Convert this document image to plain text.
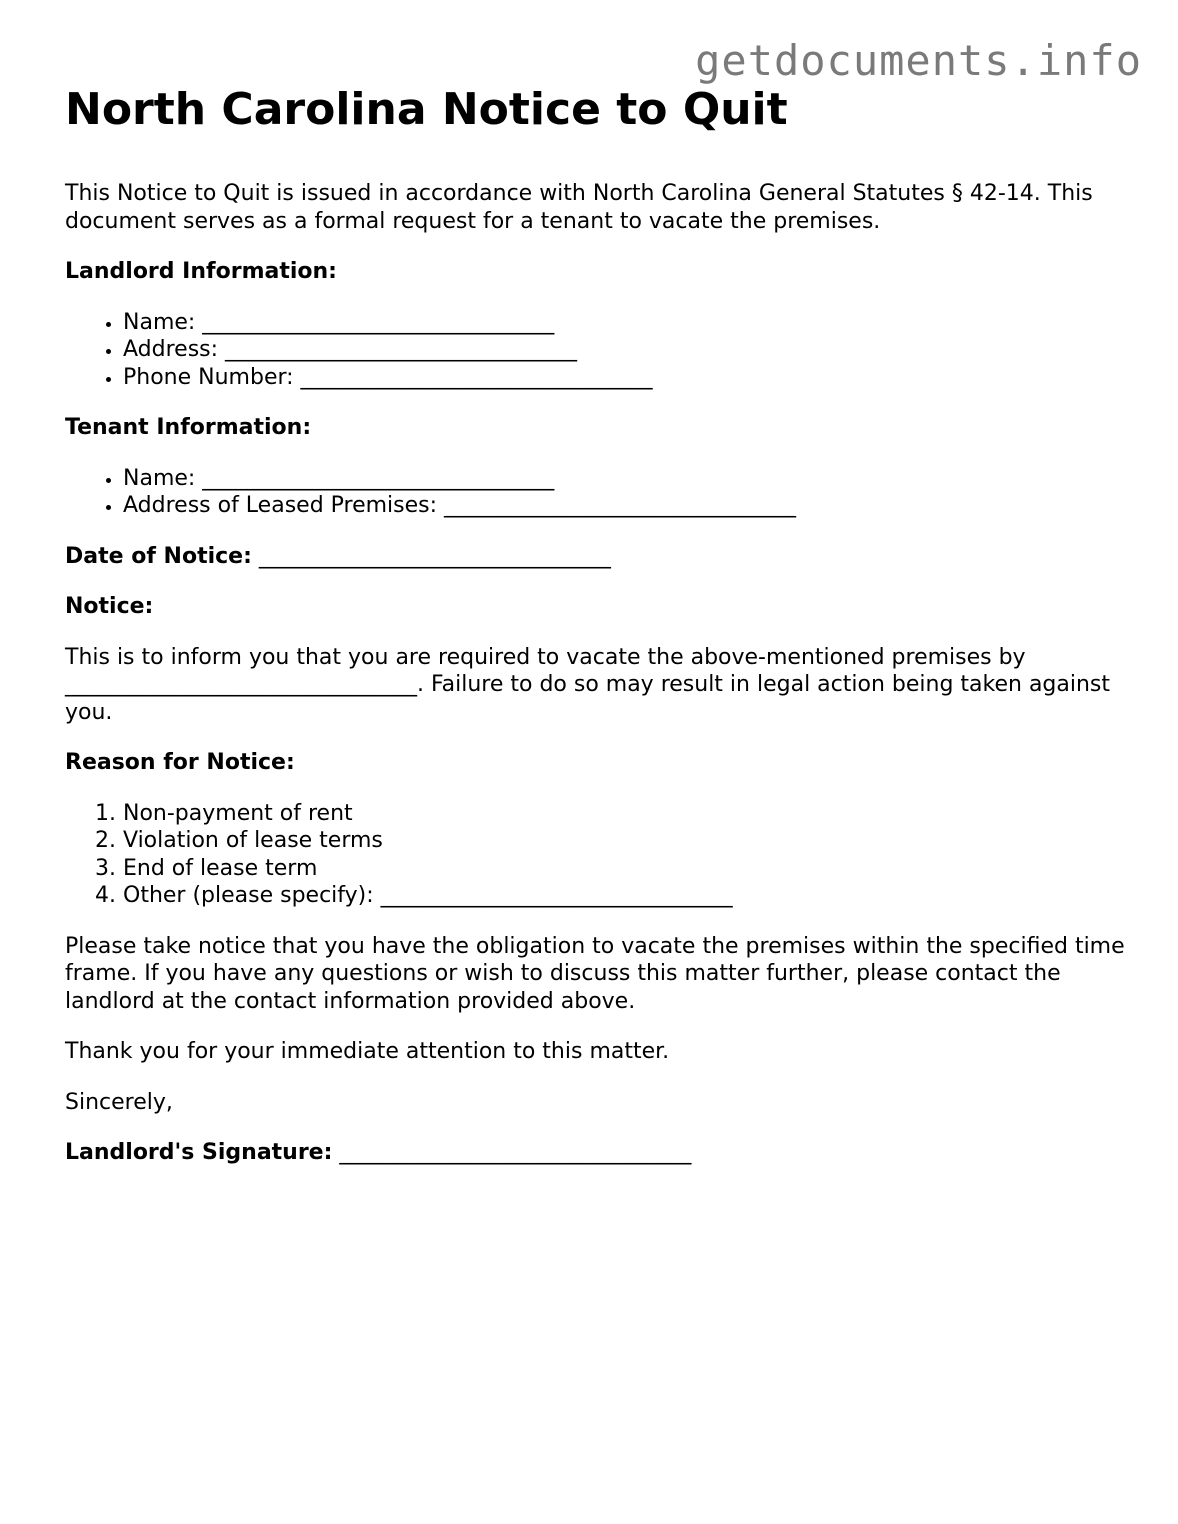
getdocuments.info
North Carolina Notice to Quit

This Notice to Quit is issued in accordance with North Carolina General Statutes § 42-14. This document serves as a formal request for a tenant to vacate the premises.

Landlord Information:

• Name: ________________________________
• Address: ________________________________
• Phone Number: ________________________________

Tenant Information:

• Name: ________________________________
• Address of Leased Premises: ________________________________

Date of Notice: ________________________________

Notice:

This is to inform you that you are required to vacate the above-mentioned premises by ________________________________. Failure to do so may result in legal action being taken against you.

Reason for Notice:

1. Non-payment of rent
2. Violation of lease terms
3. End of lease term
4. Other (please specify): ________________________________

Please take notice that you have the obligation to vacate the premises within the specified time frame. If you have any questions or wish to discuss this matter further, please contact the landlord at the contact information provided above.

Thank you for your immediate attention to this matter.

Sincerely,

Landlord's Signature: ________________________________
